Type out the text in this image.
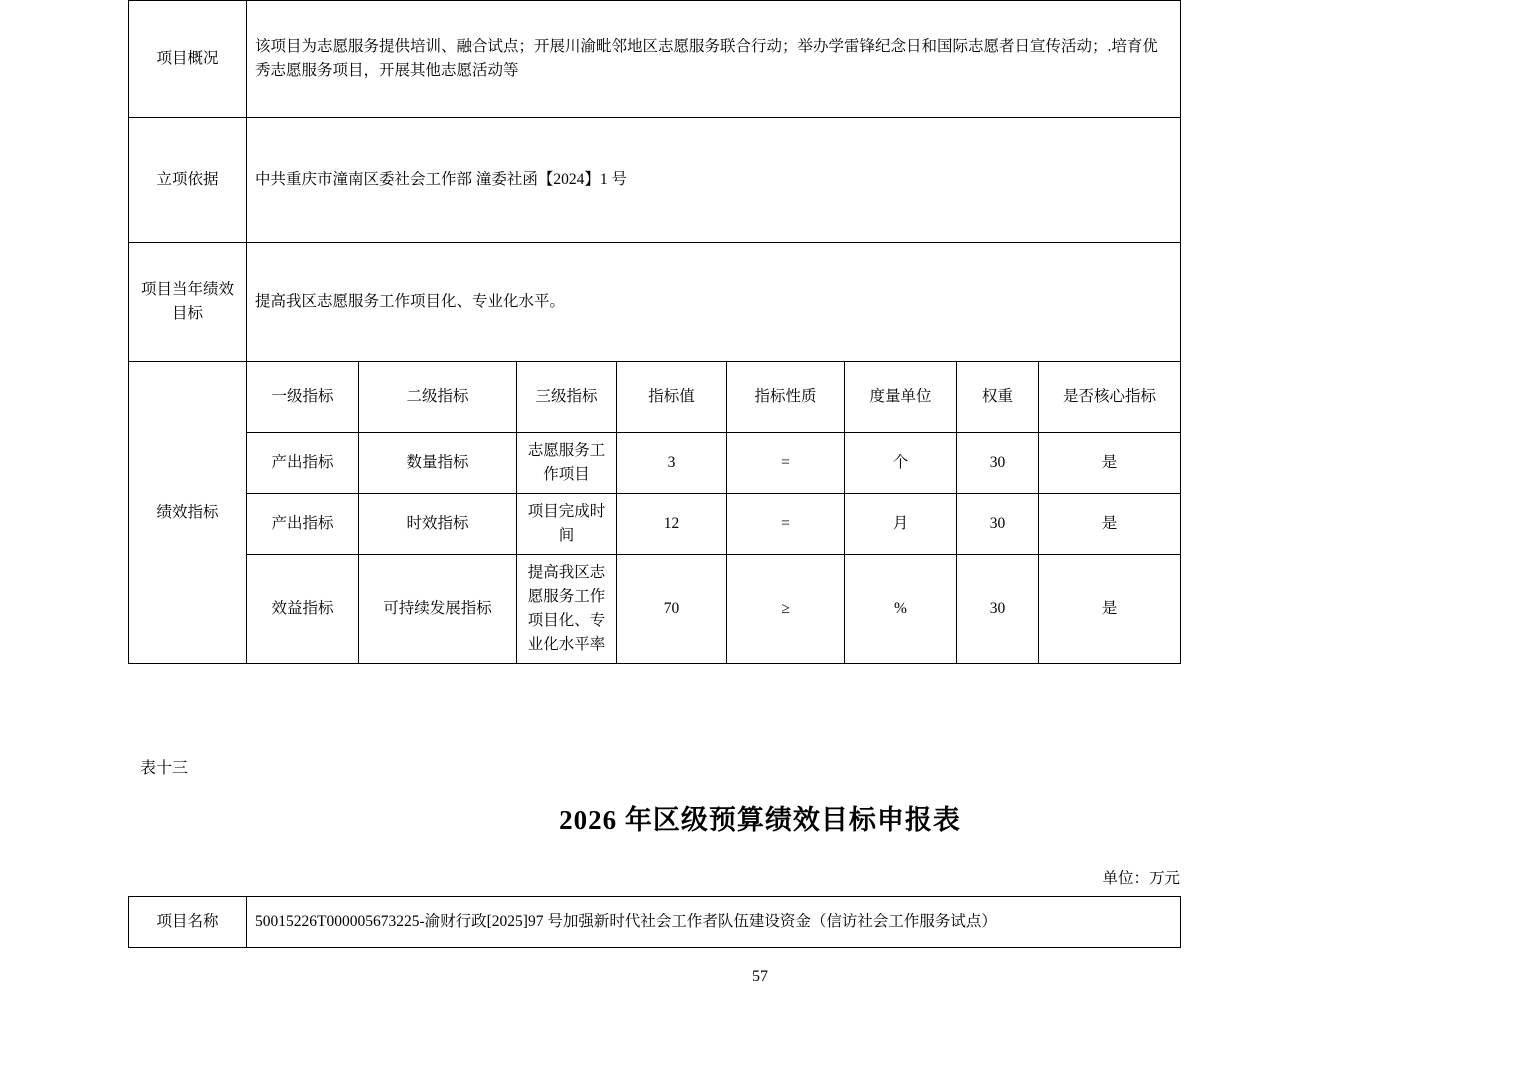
项目概况	该项目为志愿服务提供培训、融合试点；开展川渝毗邻地区志愿服务联合行动；举办学雷锋纪念日和国际志愿者日宣传活动；.培育优秀志愿服务项目，开展其他志愿活动等							
立项依据	中共重庆市潼南区委社会工作部 潼委社函【2024】1 号							
项目当年绩效目标	提高我区志愿服务工作项目化、专业化水平。							
绩效指标	一级指标	二级指标	三级指标	指标值	指标性质	度量单位	权重	是否核心指标
	产出指标	数量指标	志愿服务工作项目	3	=	个	30	是
	产出指标	时效指标	项目完成时间	12	=	月	30	是
	效益指标	可持续发展指标	提高我区志愿服务工作项目化、专业化水平率	70	≥	%	30	是
表十三
2026 年区级预算绩效目标申报表
单位：万元
项目名称	50015226T000005673225-渝财行政[2025]97 号加强新时代社会工作者队伍建设资金（信访社会工作服务试点）
57
